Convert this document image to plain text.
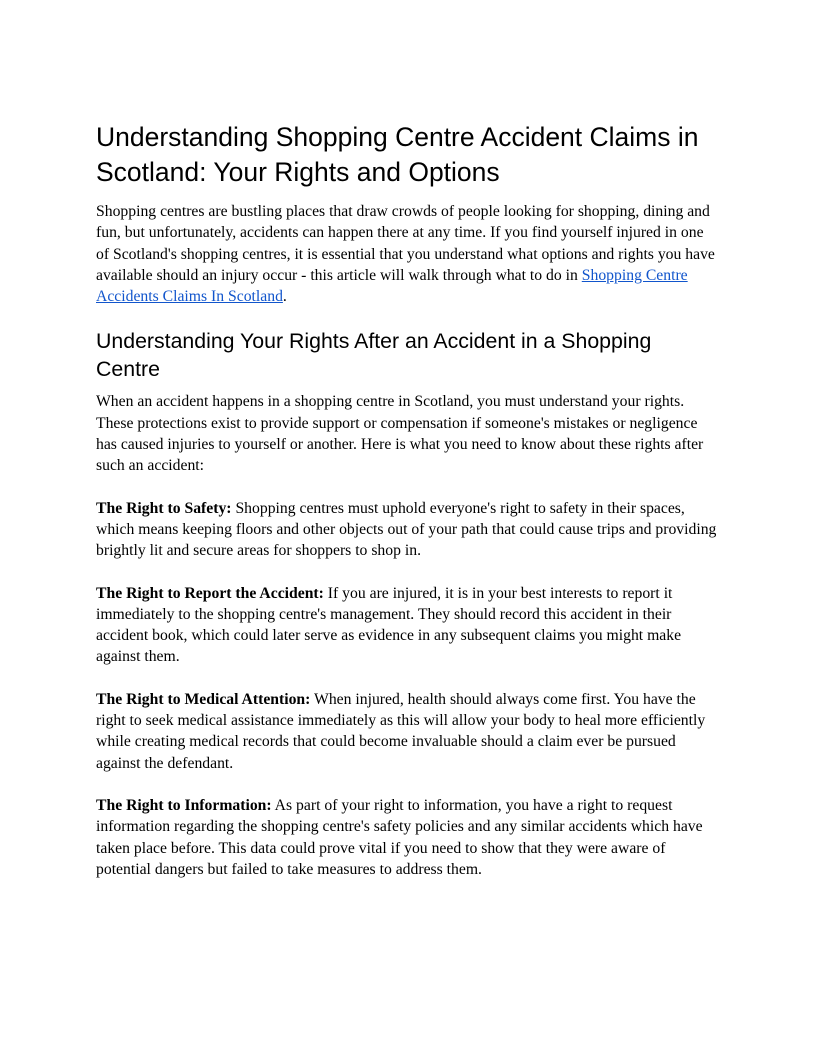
Understanding Shopping Centre Accident Claims in Scotland: Your Rights and Options

Shopping centres are bustling places that draw crowds of people looking for shopping, dining and fun, but unfortunately, accidents can happen there at any time. If you find yourself injured in one of Scotland's shopping centres, it is essential that you understand what options and rights you have available should an injury occur - this article will walk through what to do in Shopping Centre Accidents Claims In Scotland.

Understanding Your Rights After an Accident in a Shopping Centre

When an accident happens in a shopping centre in Scotland, you must understand your rights. These protections exist to provide support or compensation if someone's mistakes or negligence has caused injuries to yourself or another. Here is what you need to know about these rights after such an accident:

The Right to Safety: Shopping centres must uphold everyone's right to safety in their spaces, which means keeping floors and other objects out of your path that could cause trips and providing brightly lit and secure areas for shoppers to shop in.

The Right to Report the Accident: If you are injured, it is in your best interests to report it immediately to the shopping centre's management. They should record this accident in their accident book, which could later serve as evidence in any subsequent claims you might make against them.

The Right to Medical Attention: When injured, health should always come first. You have the right to seek medical assistance immediately as this will allow your body to heal more efficiently while creating medical records that could become invaluable should a claim ever be pursued against the defendant.

The Right to Information: As part of your right to information, you have a right to request information regarding the shopping centre's safety policies and any similar accidents which have taken place before. This data could prove vital if you need to show that they were aware of potential dangers but failed to take measures to address them.
